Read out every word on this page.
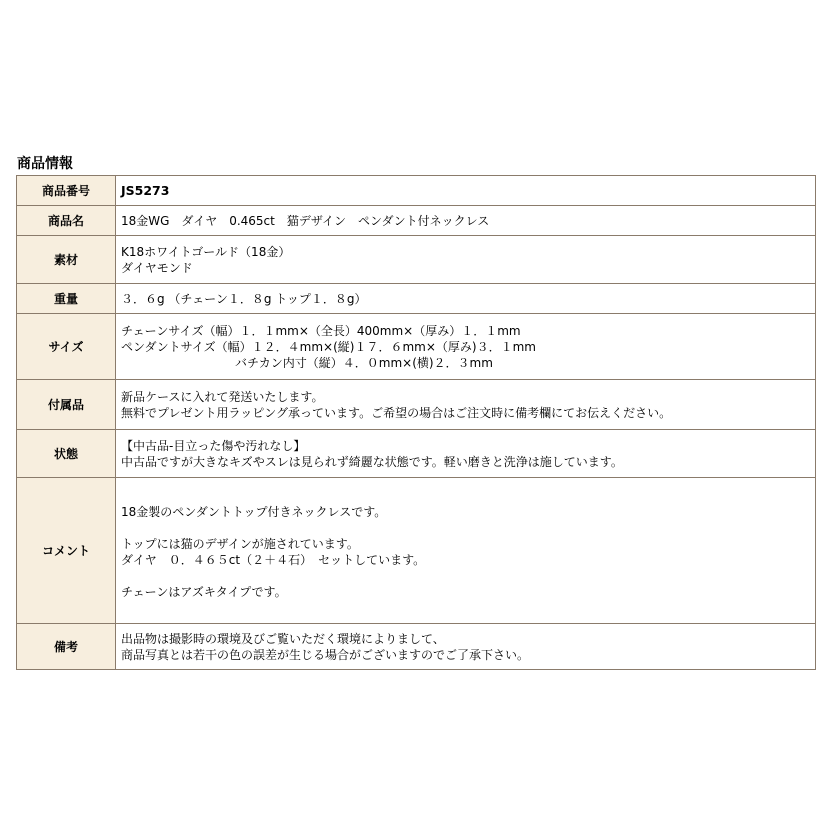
商品情報
商品番号	JS5273
商品名	18金WG　ダイヤ　0.465ct　猫デザイン　ペンダント付ネックレス
素材	K18ホワイトゴールド（18金）
ダイヤモンド

重量	３．６g （チェーン１．８g トップ１．８g）
サイズ	チェーンサイズ（幅）１．１mm×（全長）400mm×（厚み）１．１mm
ペンダントサイズ（幅）１２．４mm×(縦)１７．６mm×（厚み)３．１mm
バチカン内寸（縦）４．０mm×(横)２．３mm

付属品	新品ケースに入れて発送いたします。
無料でプレゼント用ラッピング承っています。ご希望の場合はご注文時に備考欄にてお伝えください。

状態	【中古品-目立った傷や汚れなし】
中古品ですが大きなキズやスレは見られず綺麗な状態です。軽い磨きと洗浄は施しています。

コメント	18金製のペンダントトップ付きネックレスです。
トップには猫のデザインが施されています。
ダイヤ　０．４６５ct（２＋４石）　セットしています。
チェーンはアズキタイプです。

備考	出品物は撮影時の環境及びご覧いただく環境によりまして、
商品写真とは若干の色の誤差が生じる場合がございますのでご了承下さい。
